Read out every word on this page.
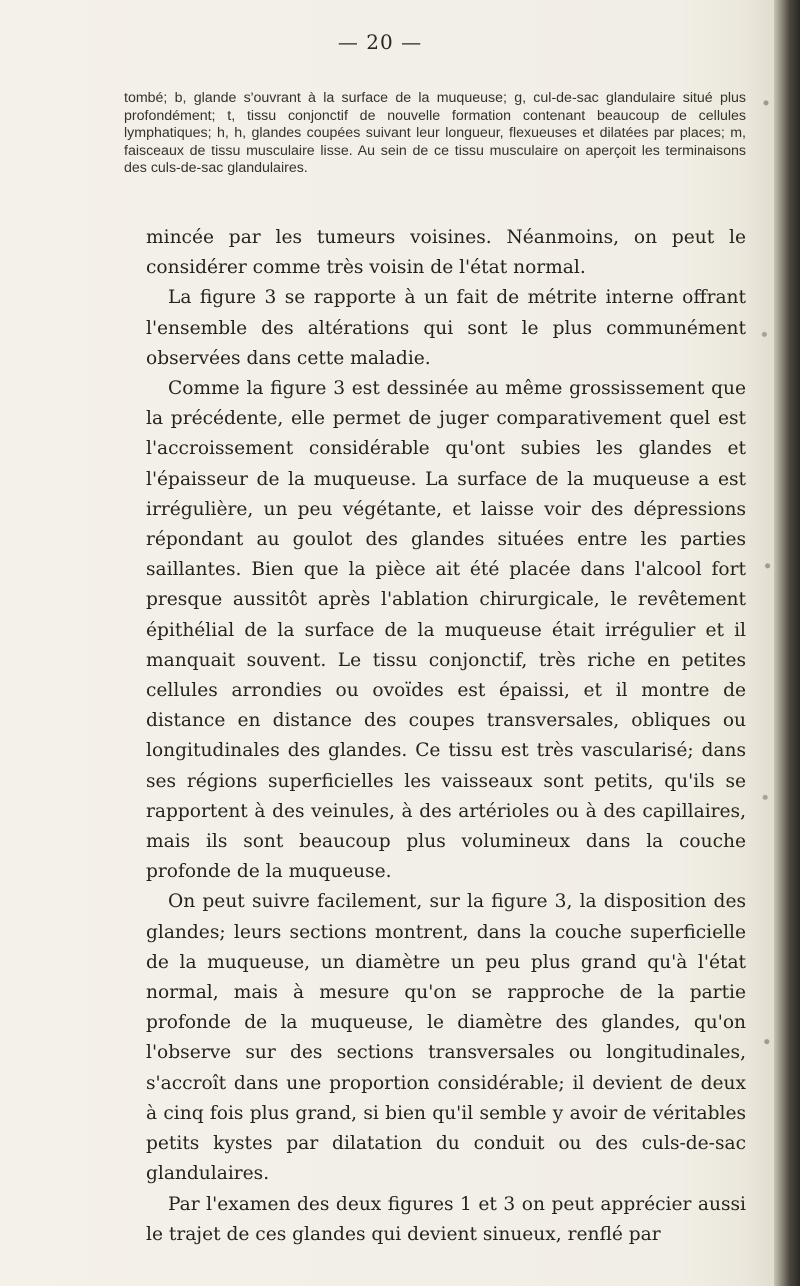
— 20 —

tombé; b, glande s'ouvrant à la surface de la muqueuse; g, cul-de-sac glandulaire situé plus profondément; t, tissu conjonctif de nouvelle formation contenant beaucoup de cellules lymphatiques; h, h, glandes coupées suivant leur longueur, flexueuses et dilatées par places; m, faisceaux de tissu musculaire lisse. Au sein de ce tissu musculaire on aperçoit les terminaisons des culs-de-sac glandulaires.

mincée par les tumeurs voisines. Néanmoins, on peut le considérer comme très voisin de l'état normal.

La figure 3 se rapporte à un fait de métrite interne offrant l'ensemble des altérations qui sont le plus communément observées dans cette maladie.

Comme la figure 3 est dessinée au même grossissement que la précédente, elle permet de juger comparativement quel est l'accroissement considérable qu'ont subies les glandes et l'épaisseur de la muqueuse. La surface de la muqueuse a est irrégulière, un peu végétante, et laisse voir des dépressions répondant au goulot des glandes situées entre les parties saillantes. Bien que la pièce ait été placée dans l'alcool fort presque aussitôt après l'ablation chirurgicale, le revêtement épithélial de la surface de la muqueuse était irrégulier et il manquait souvent. Le tissu conjonctif, très riche en petites cellules arrondies ou ovoïdes est épaissi, et il montre de distance en distance des coupes transversales, obliques ou longitudinales des glandes. Ce tissu est très vascularisé; dans ses régions superficielles les vaisseaux sont petits, qu'ils se rapportent à des veinules, à des artérioles ou à des capillaires, mais ils sont beaucoup plus volumineux dans la couche profonde de la muqueuse.

On peut suivre facilement, sur la figure 3, la disposition des glandes; leurs sections montrent, dans la couche superficielle de la muqueuse, un diamètre un peu plus grand qu'à l'état normal, mais à mesure qu'on se rapproche de la partie profonde de la muqueuse, le diamètre des glandes, qu'on l'observe sur des sections transversales ou longitudinales, s'accroît dans une proportion considérable; il devient de deux à cinq fois plus grand, si bien qu'il semble y avoir de véritables petits kystes par dilatation du conduit ou des culs-de-sac glandulaires.

Par l'examen des deux figures 1 et 3 on peut apprécier aussi le trajet de ces glandes qui devient sinueux, renflé par
